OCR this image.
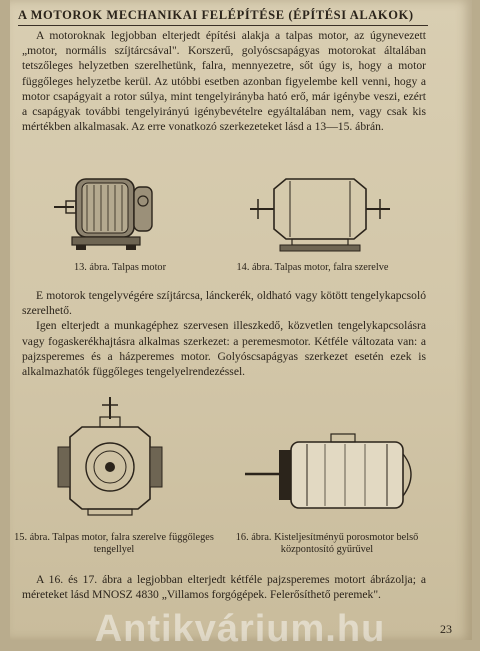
A MOTOROK MECHANIKAI FELÉPÍTÉSE (ÉPÍTÉSI ALAKOK)

A motoroknak legjobban elterjedt építési alakja a talpas motor, az úgynevezett „motor, normális szíjtárcsával". Korszerű, golyóscsapágyas motorokat általában tetszőleges helyzetben szerelhetünk, falra, mennyezetre, sőt úgy is, hogy a motor függőleges helyzetbe kerül. Az utóbbi esetben azonban figyelembe kell venni, hogy a motor csapágyait a rotor súlya, mint tengelyirányba ható erő, már igénybe veszi, ezért a csapágyak további tengelyirányú igénybevételre egyáltalában nem, vagy csak kis mértékben alkalmasak. Az erre vonatkozó szerkezeteket lásd a 13—15. ábrán.

13. ábra. Talpas motor	14. ábra. Talpas motor, falra szerelve

E motorok tengelyvégére szíjtárcsa, lánckerék, oldható vagy kötött tengelykapcsoló szerelhető.

Igen elterjedt a munkagéphez szervesen illeszkedő, közvetlen tengelykapcsolásra vagy fogaskerékhajtásra alkalmas szerkezet: a peremesmotor. Kétféle változata van: a pajzsperemes és a házperemes motor. Golyóscsapágyas szerkezet esetén ezek is alkalmazhatók függőleges tengelyelrendezéssel.

15. ábra. Talpas motor, falra szerelve függőleges tengellyel
16. ábra. Kisteljesítményű porosmotor belső központosító gyűrűvel

A 16. és 17. ábra a legjobban elterjedt kétféle pajzsperemes motort ábrázolja; a méreteket lásd MNOSZ 4830 „Villamos forgógépek. Felerősíthető peremek".

Antikvárium.hu	23
